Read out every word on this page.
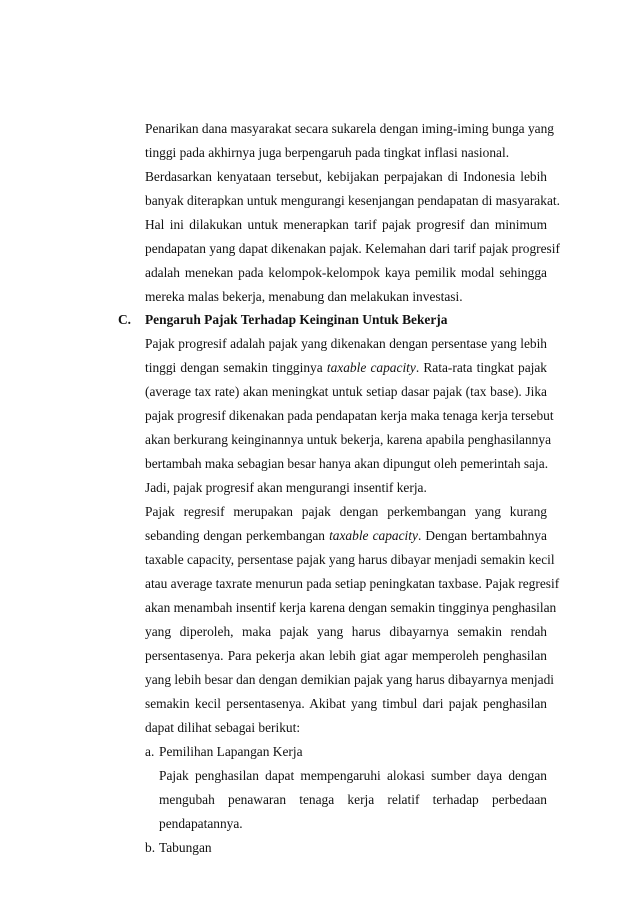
Penarikan dana masyarakat secara sukarela dengan iming-iming bunga yang
tinggi pada akhirnya juga berpengaruh pada tingkat inflasi nasional.
Berdasarkan kenyataan tersebut, kebijakan perpajakan di Indonesia lebih
banyak diterapkan untuk mengurangi kesenjangan pendapatan di masyarakat.
Hal ini dilakukan untuk menerapkan tarif pajak progresif dan minimum
pendapatan yang dapat dikenakan pajak. Kelemahan dari tarif pajak progresif
adalah menekan pada kelompok-kelompok kaya pemilik modal sehingga
mereka malas bekerja, menabung dan melakukan investasi.
C. Pengaruh Pajak Terhadap Keinginan Untuk Bekerja
Pajak progresif adalah pajak yang dikenakan dengan persentase yang lebih
tinggi dengan semakin tingginya taxable capacity. Rata-rata tingkat pajak
(average tax rate) akan meningkat untuk setiap dasar pajak (tax base). Jika
pajak progresif dikenakan pada pendapatan kerja maka tenaga kerja tersebut
akan berkurang keinginannya untuk bekerja, karena apabila penghasilannya
bertambah maka sebagian besar hanya akan dipungut oleh pemerintah saja.
Jadi, pajak progresif akan mengurangi insentif kerja.
Pajak regresif merupakan pajak dengan perkembangan yang kurang
sebanding dengan perkembangan taxable capacity. Dengan bertambahnya
taxable capacity, persentase pajak yang harus dibayar menjadi semakin kecil
atau average taxrate menurun pada setiap peningkatan taxbase. Pajak regresif
akan menambah insentif kerja karena dengan semakin tingginya penghasilan
yang diperoleh, maka pajak yang harus dibayarnya semakin rendah
persentasenya. Para pekerja akan lebih giat agar memperoleh penghasilan
yang lebih besar dan dengan demikian pajak yang harus dibayarnya menjadi
semakin kecil persentasenya. Akibat yang timbul dari pajak penghasilan
dapat dilihat sebagai berikut:
a. Pemilihan Lapangan Kerja
Pajak penghasilan dapat mempengaruhi alokasi sumber daya dengan
mengubah penawaran tenaga kerja relatif terhadap perbedaan
pendapatannya.
b. Tabungan
